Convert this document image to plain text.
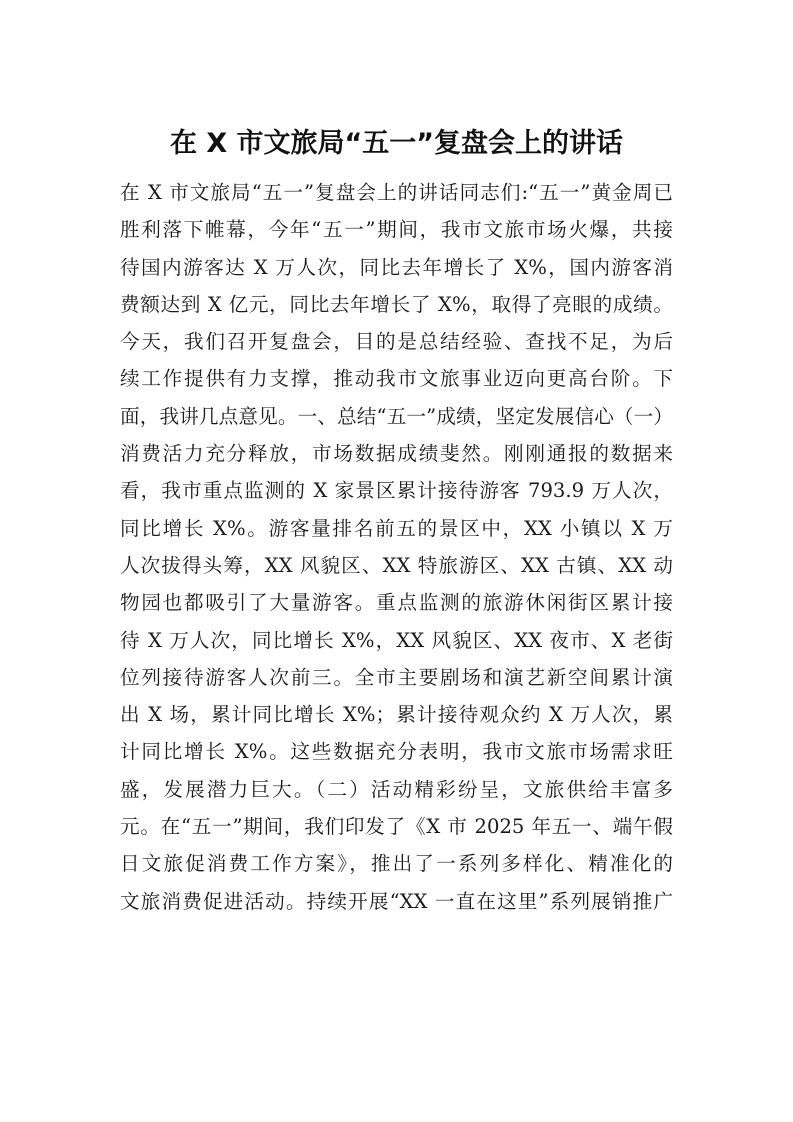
在 X 市文旅局“五一”复盘会上的讲话
在 X 市文旅局“五一”复盘会上的讲话同志们:“五一”黄金周已
胜利落下帷幕，今年“五一”期间，我市文旅市场火爆，共接
待国内游客达 X 万人次，同比去年增长了 X%，国内游客消
费额达到 X 亿元，同比去年增长了 X%，取得了亮眼的成绩。
今天，我们召开复盘会，目的是总结经验、查找不足，为后
续工作提供有力支撑，推动我市文旅事业迈向更高台阶。下
面，我讲几点意见。一、总结“五一”成绩，坚定发展信心（一）
消费活力充分释放，市场数据成绩斐然。刚刚通报的数据来
看，我市重点监测的 X 家景区累计接待游客 793.9 万人次，
同比增长 X%。游客量排名前五的景区中，XX 小镇以 X 万
人次拔得头筹，XX 风貌区、XX 特旅游区、XX 古镇、XX 动
物园也都吸引了大量游客。重点监测的旅游休闲街区累计接
待 X 万人次，同比增长 X%，XX 风貌区、XX 夜市、X 老街
位列接待游客人次前三。全市主要剧场和演艺新空间累计演
出 X 场，累计同比增长 X%；累计接待观众约 X 万人次，累
计同比增长 X%。这些数据充分表明，我市文旅市场需求旺
盛，发展潜力巨大。（二）活动精彩纷呈，文旅供给丰富多
元。在“五一”期间，我们印发了《X 市 2025 年五一、端午假
日文旅促消费工作方案》，推出了一系列多样化、精准化的
文旅消费促进活动。持续开展“XX 一直在这里”系列展销推广
